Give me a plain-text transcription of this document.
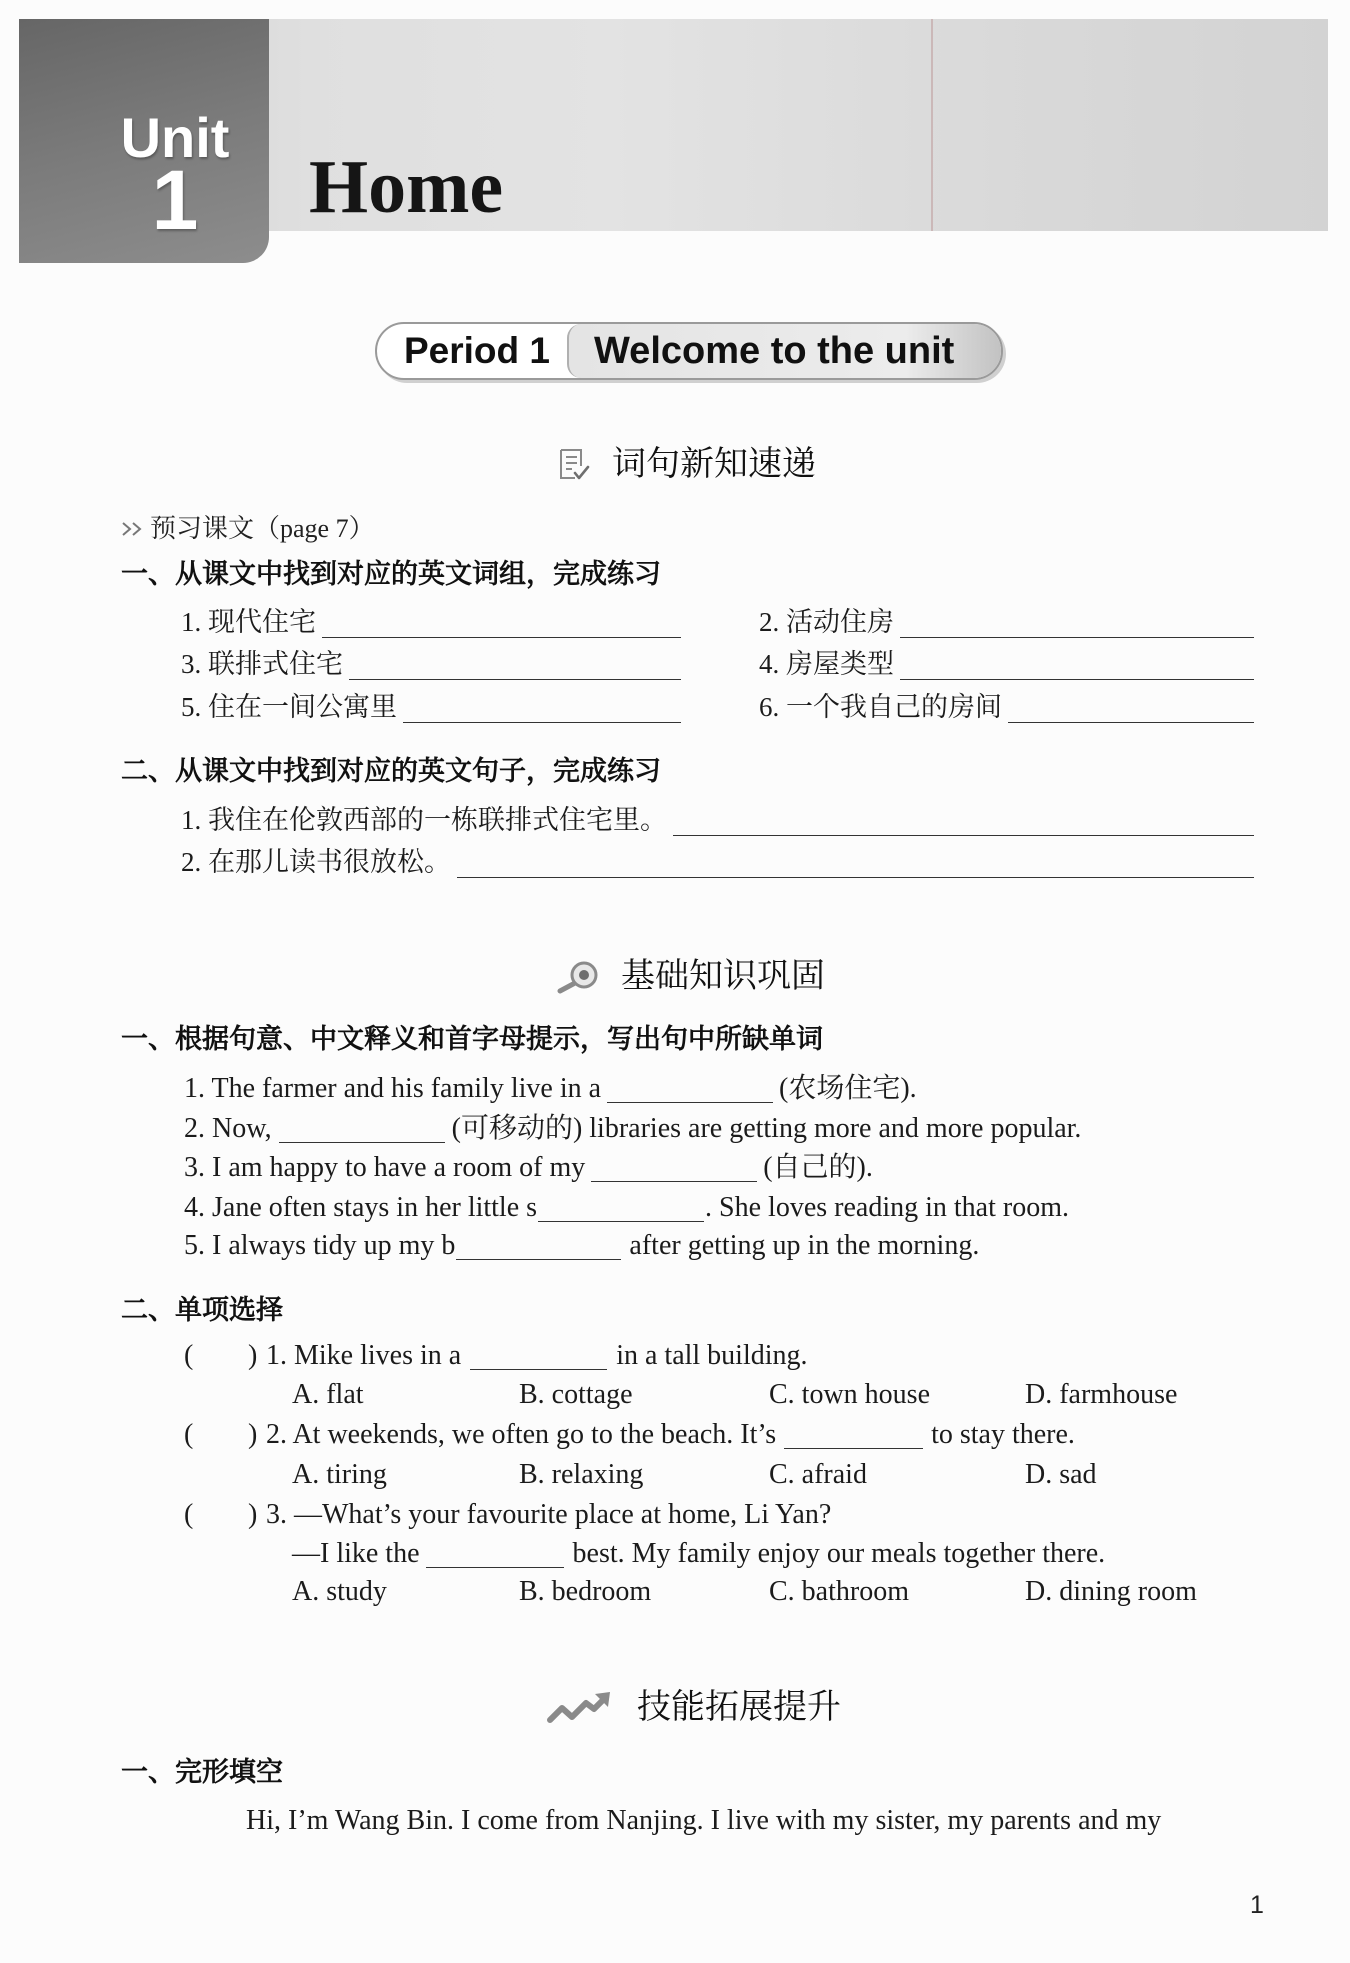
Unit
1	Home
Period 1 Welcome to the unit
词句新知速递
预习课文（page 7）
一、从课文中找到对应的英文词组，完成练习
1. 现代住宅	2. 活动住房
3. 联排式住宅	4. 房屋类型
5. 住在一间公寓里	6. 一个我自己的房间
二、从课文中找到对应的英文句子，完成练习
1. 我住在伦敦西部的一栋联排式住宅里。
2. 在那儿读书很放松。
基础知识巩固
一、根据句意、中文释义和首字母提示，写出句中所缺单词
1. The farmer and his family live in a	(农场住宅).
2. Now,	(可移动的) libraries are getting more and more popular.
3. I am happy to have a room of my	(自己的).
4. Jane often stays in her little s	. She loves reading in that room.
5. I always tidy up my b	after getting up in the morning.
二、单项选择
( ) 1. Mike lives in a	in a tall building.
A. flat	B. cottage	C. town house	D. farmhouse
( ) 2. At weekends, we often go to the beach. It’s	to stay there.
A. tiring	B. relaxing	C. afraid	D. sad
( ) 3. —What’s your favourite place at home, Li Yan?
—I like the	best. My family enjoy our meals together there.
A. study	B. bedroom	C. bathroom	D. dining room
技能拓展提升
一、完形填空
Hi, I’m Wang Bin. I come from Nanjing. I live with my sister, my parents and my
1
